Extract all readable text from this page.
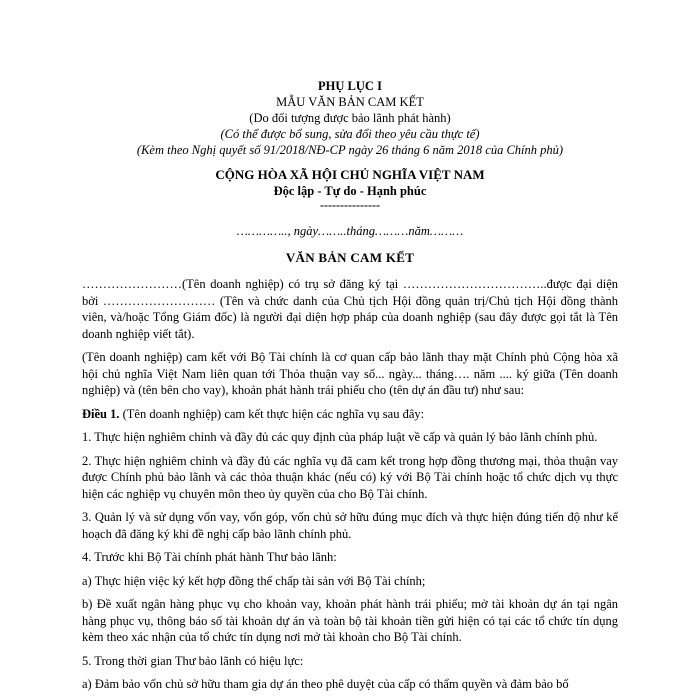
PHỤ LỤC I
MẪU VĂN BẢN CAM KẾT
(Do đối tượng được bảo lãnh phát hành)
(Có thể được bổ sung, sửa đổi theo yêu cầu thực tế)
(Kèm theo Nghị quyết số 91/2018/NĐ-CP ngày 26 tháng 6 năm 2018 của Chính phủ)
CỘNG HÒA XÃ HỘI CHỦ NGHĨA VIỆT NAM
Độc lập - Tự do - Hạnh phúc
---------------
………….., ngày……..tháng………năm………
VĂN BẢN CAM KẾT

……………………(Tên doanh nghiệp) có trụ sở đăng ký tại ……………………………..được đại diện bởi ……………………… (Tên và chức danh của Chủ tịch Hội đồng quản trị/Chủ tịch Hội đồng thành viên, và/hoặc Tổng Giám đốc) là người đại diện hợp pháp của doanh nghiệp (sau đây được gọi tắt là Tên doanh nghiệp viết tắt).

(Tên doanh nghiệp) cam kết với Bộ Tài chính là cơ quan cấp bảo lãnh thay mặt Chính phủ Cộng hòa xã hội chủ nghĩa Việt Nam liên quan tới Thỏa thuận vay số... ngày... tháng…. năm .... ký giữa (Tên doanh nghiệp) và (tên bên cho vay), khoản phát hành trái phiếu cho (tên dự án đầu tư) như sau:

Điều 1. (Tên doanh nghiệp) cam kết thực hiện các nghĩa vụ sau đây:

1. Thực hiện nghiêm chỉnh và đầy đủ các quy định của pháp luật về cấp và quản lý bảo lãnh chính phủ.

2. Thực hiện nghiêm chỉnh và đầy đủ các nghĩa vụ đã cam kết trong hợp đồng thương mại, thỏa thuận vay được Chính phủ bảo lãnh và các thỏa thuận khác (nếu có) ký với Bộ Tài chính hoặc tổ chức dịch vụ thực hiện các nghiệp vụ chuyên môn theo ủy quyền của cho Bộ Tài chính.

3. Quản lý và sử dụng vốn vay, vốn góp, vốn chủ sở hữu đúng mục đích và thực hiện đúng tiến độ như kế hoạch đã đăng ký khi đề nghị cấp bảo lãnh chính phủ.

4. Trước khi Bộ Tài chính phát hành Thư bảo lãnh:

a) Thực hiện việc ký kết hợp đồng thế chấp tài sản với Bộ Tài chính;

b) Đề xuất ngân hàng phục vụ cho khoản vay, khoản phát hành trái phiếu; mở tài khoản dự án tại ngân hàng phục vụ, thông báo số tài khoản dự án và toàn bộ tài khoản tiền gửi hiện có tại các tổ chức tín dụng kèm theo xác nhận của tổ chức tín dụng nơi mở tài khoản cho Bộ Tài chính.

5. Trong thời gian Thư bảo lãnh có hiệu lực:

a) Đảm bảo vốn chủ sở hữu tham gia dự án theo phê duyệt của cấp có thẩm quyền và đảm bảo bố
